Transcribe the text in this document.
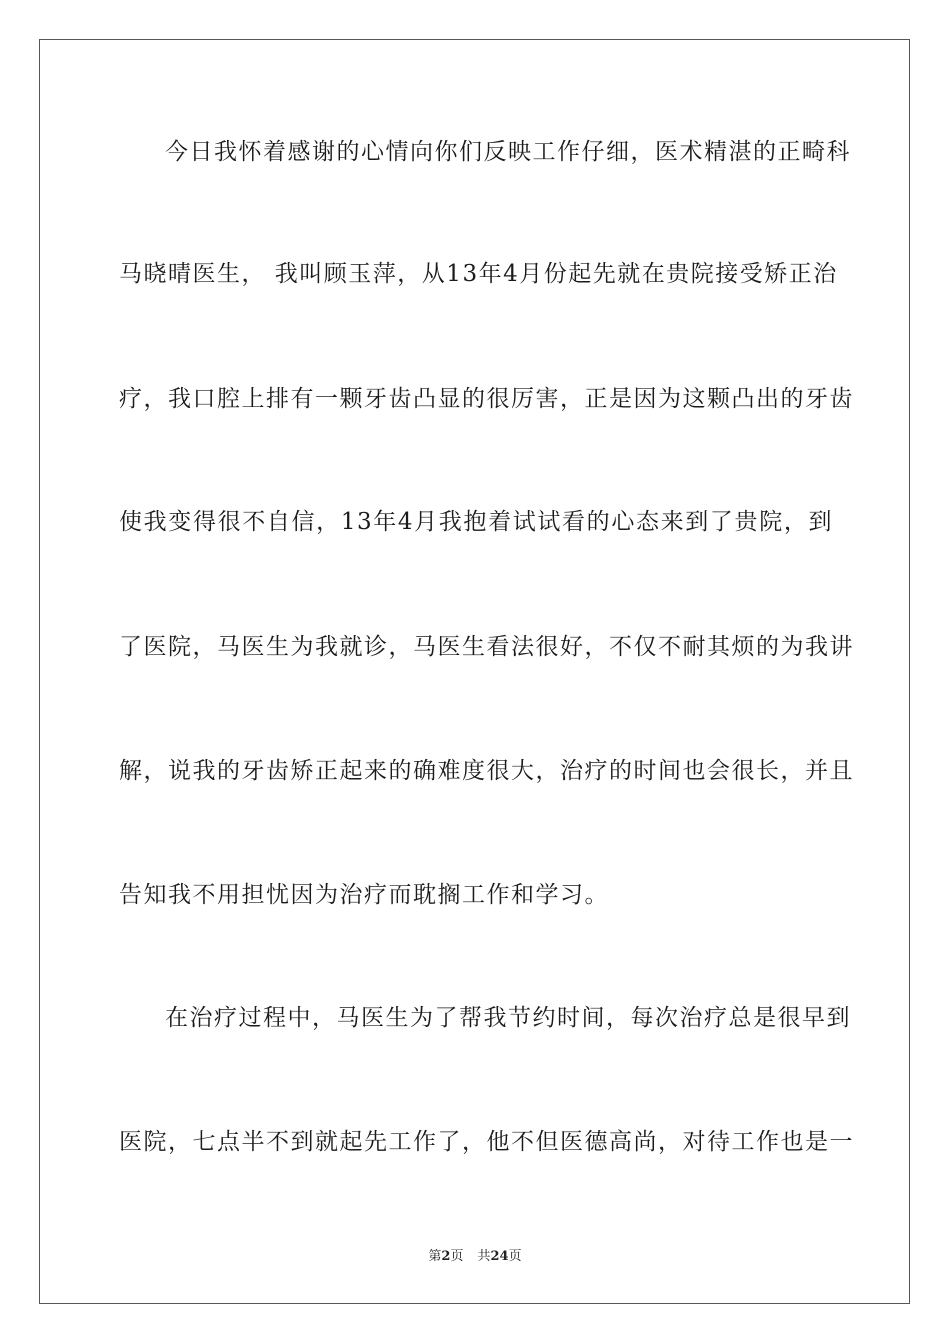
今日我怀着感谢的心情向你们反映工作仔细，医术精湛的正畸科
马晓晴医生， 我叫顾玉萍，从13年4月份起先就在贵院接受矫正治
疗，我口腔上排有一颗牙齿凸显的很厉害，正是因为这颗凸出的牙齿
使我变得很不自信，13年4月我抱着试试看的心态来到了贵院，到
了医院，马医生为我就诊，马医生看法很好，不仅不耐其烦的为我讲
解，说我的牙齿矫正起来的确难度很大，治疗的时间也会很长，并且
告知我不用担忧因为治疗而耽搁工作和学习。
在治疗过程中，马医生为了帮我节约时间，每次治疗总是很早到
医院，七点半不到就起先工作了，他不但医德高尚，对待工作也是一
第2页 共24页
